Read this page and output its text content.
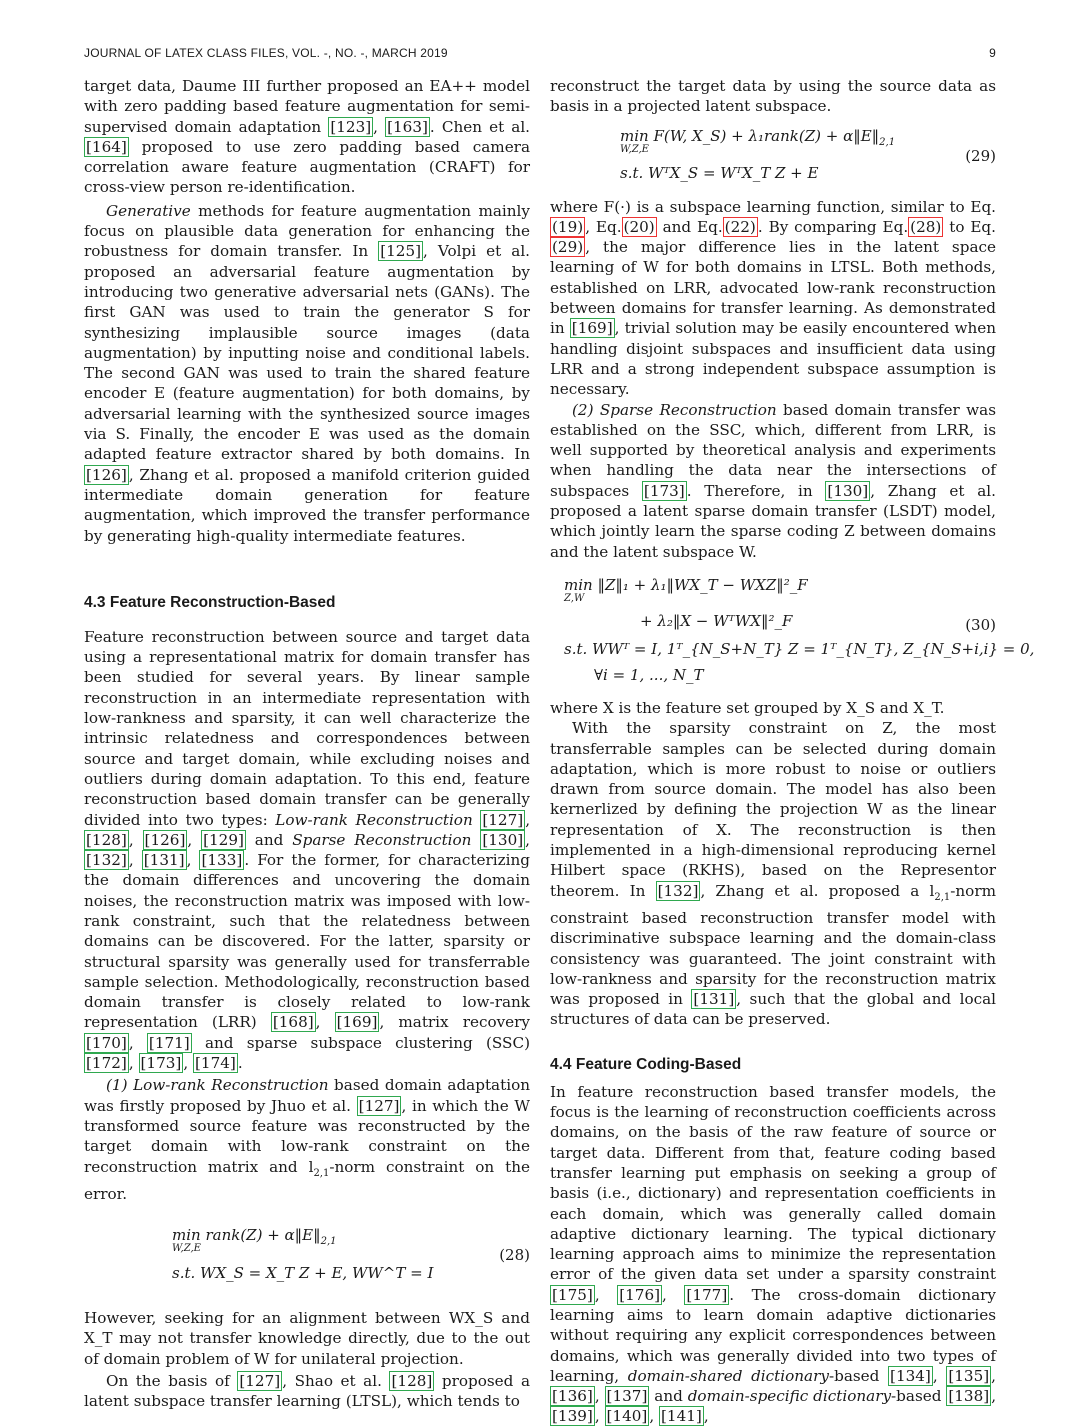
JOURNAL OF LATEX CLASS FILES, VOL. -, NO. -, MARCH 2019	9

target data, Daume III further proposed an EA++ model with zero padding based feature augmentation for semi-supervised domain adaptation [123] , [163] . Chen et al. [164] proposed to use zero padding based camera correlation aware feature augmentation (CRAFT) for cross-view person re-identification.

Generative methods for feature augmentation mainly focus on plausible data generation for enhancing the robustness for domain transfer. In [125] , Volpi et al. proposed an adversarial feature augmentation by introducing two generative adversarial nets (GANs). The first GAN was used to train the generator S for synthesizing implausible source images (data augmentation) by inputting noise and conditional labels. The second GAN was used to train the shared feature encoder E (feature augmentation) for both domains, by adversarial learning with the synthesized source images via S. Finally, the encoder E was used as the domain adapted feature extractor shared by both domains. In [126] , Zhang et al. proposed a manifold criterion guided intermediate domain generation for feature augmentation, which improved the transfer performance by generating high-quality intermediate features.

4.3 Feature Reconstruction-Based

Feature reconstruction between source and target data using a representational matrix for domain transfer has been studied for several years. By linear sample reconstruction in an intermediate representation with low-rankness and sparsity, it can well characterize the intrinsic relatedness and correspondences between source and target domain, while excluding noises and outliers during domain adaptation. To this end, feature reconstruction based domain transfer can be generally divided into two types: Low-rank Reconstruction [127] , [128] , [126] , [129] and Sparse Reconstruction [130] , [132] , [131] , [133] . For the former, for characterizing the domain differences and uncovering the domain noises, the reconstruction matrix was imposed with low-rank constraint, such that the relatedness between domains can be discovered. For the latter, sparsity or structural sparsity was generally used for transferrable sample selection. Methodologically, reconstruction based domain transfer is closely related to low-rank representation (LRR) [168] , [169] , matrix recovery [170] , [171] and sparse subspace clustering (SSC) [172] , [173] , [174] .

(1) Low-rank Reconstruction based domain adaptation was firstly proposed by Jhuo et al. [127] , in which the W transformed source feature was reconstructed by the target domain with low-rank constraint on the reconstruction matrix and $l_{2,1}$-norm constraint on the error.

min rank(Z) + $\alpha‖E‖_{2,1}$
W,Z,E
s.t. WX_S = X_T Z + E, WW^T = I
(28)

However, seeking for an alignment between WX_S and X_T may not transfer knowledge directly, due to the out of domain problem of W for unilateral projection.

On the basis of [127] , Shao et al. [128] proposed a latent subspace transfer learning (LTSL), which tends to

reconstruct the target data by using the source data as basis in a projected latent subspace.

min F(W, X_S) + λ₁rank(Z) + $\alpha‖E‖_{2,1}$
W,Z,E
s.t. WᵀX_S = WᵀX_T Z + E
(29)

where F(·) is a subspace learning function, similar to Eq.(19) , Eq. (20) and Eq. (22) . By comparing Eq. (28) to Eq.(29) , the major difference lies in the latent space learning of W for both domains in LTSL. Both methods, established on LRR, advocated low-rank reconstruction between domains for transfer learning. As demonstrated in [169] , trivial solution may be easily encountered when handling disjoint subspaces and insufficient data using LRR and a strong independent subspace assumption is necessary.

(2) Sparse Reconstruction based domain transfer was established on the SSC, which, different from LRR, is well supported by theoretical analysis and experiments when handling the data near the intersections of subspaces [173] . Therefore, in [130] , Zhang et al. proposed a latent sparse domain transfer (LSDT) model, which jointly learn the sparse coding Z between domains and the latent subspace W.

min ‖Z‖₁ + λ₁‖WX_T − WXZ‖²_F
Z,W
+ λ₂‖X − WᵀWX‖²_F
s.t. WWᵀ = I, 1ᵀ_{N_S+N_T} Z = 1ᵀ_{N_T}, Z_{N_S+i,i} = 0,
∀i = 1, ..., N_T
(30)

where X is the feature set grouped by X_S and X_T.

With the sparsity constraint on Z, the most transferrable samples can be selected during domain adaptation, which is more robust to noise or outliers drawn from source domain. The model has also been kernerlized by defining the projection W as the linear representation of X. The reconstruction is then implemented in a high-dimensional reproducing kernel Hilbert space (RKHS), based on the Representor theorem. In [132] , Zhang et al. proposed a $l_{2,1}$-norm constraint based reconstruction transfer model with discriminative subspace learning and the domain-class consistency was guaranteed. The joint constraint with low-rankness and sparsity for the reconstruction matrix was proposed in [131] , such that the global and local structures of data can be preserved.

4.4 Feature Coding-Based

In feature reconstruction based transfer models, the focus is the learning of reconstruction coefficients across domains, on the basis of the raw feature of source or target data. Different from that, feature coding based transfer learning put emphasis on seeking a group of basis (i.e., dictionary) and representation coefficients in each domain, which was generally called domain adaptive dictionary learning. The typical dictionary learning approach aims to minimize the representation error of the given data set under a sparsity constraint [175] , [176] , [177] . The cross-domain dictionary learning aims to learn domain adaptive dictionaries without requiring any explicit correspondences between domains, which was generally divided into two types of learning, domain-shared dictionary-based [134] , [135] , [136] , [137] and domain-specific dictionary-based [138] , [139] , [140] , [141] ,
